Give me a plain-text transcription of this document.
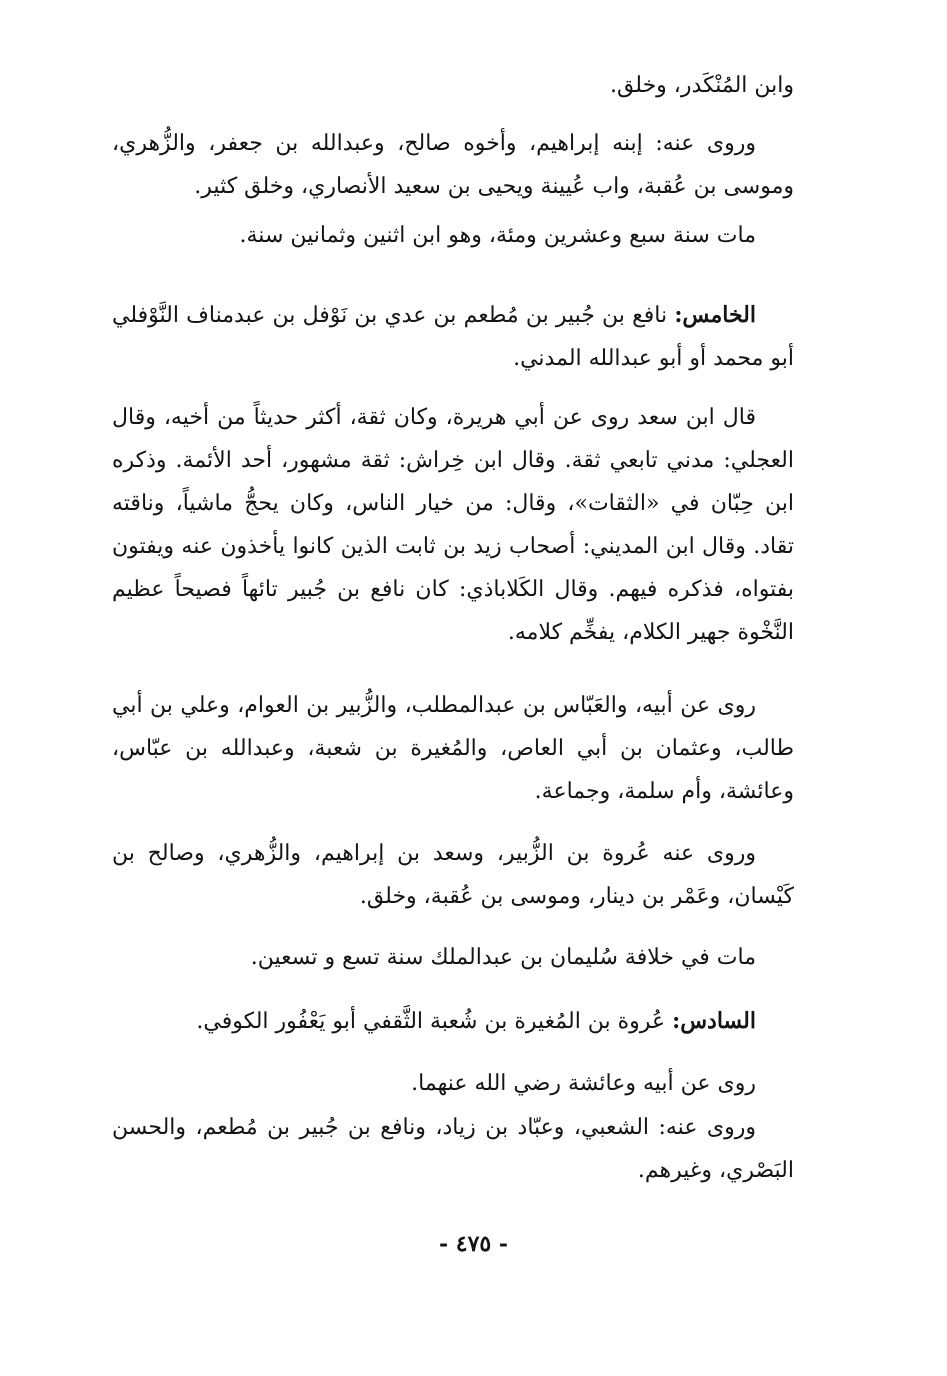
وابن المُنْكَدر، وخلق.

وروى عنه: إبنه إبراهيم، وأخوه صالح، وعبدالله بن جعفر، والزُّهري، وموسى بن عُقبة، واب عُيينة ويحيى بن سعيد الأنصاري، وخلق كثير.

مات سنة سبع وعشرين ومئة، وهو ابن اثنين وثمانين سنة.

الخامس: نافع بن جُبير بن مُطعم بن عدي بن نَوْفل بن عبدمناف النَّوْفلي أبو محمد أو أبو عبدالله المدني.

قال ابن سعد روى عن أبي هريرة، وكان ثقة، أكثر حديثاً من أخيه، وقال العجلي: مدني تابعي ثقة. وقال ابن خِراش: ثقة مشهور، أحد الأئمة. وذكره ابن حِبّان في «الثقات»، وقال: من خيار الناس، وكان يحجُّ ماشياً، وناقته تقاد. وقال ابن المديني: أصحاب زيد بن ثابت الذين كانوا يأخذون عنه ويفتون بفتواه، فذكره فيهم. وقال الكَلاباذي: كان نافع بن جُبير تائهاً فصيحاً عظيم النَّخْوة جهير الكلام، يفخِّم كلامه.

روى عن أبيه، والعَبّاس بن عبدالمطلب، والزُّبير بن العوام، وعلي بن أبي طالب، وعثمان بن أبي العاص، والمُغيرة بن شعبة، وعبدالله بن عبّاس، وعائشة، وأم سلمة، وجماعة.

وروى عنه عُروة بن الزُّبير، وسعد بن إبراهيم، والزُّهري، وصالح بن كَيْسان، وعَمْر بن دينار، وموسى بن عُقبة، وخلق.

مات في خلافة سُليمان بن عبدالملك سنة تسع و تسعين.

السادس: عُروة بن المُغيرة بن شُعبة الثَّقفي أبو يَعْفُور الكوفي.

روى عن أبيه وعائشة رضي الله عنهما.

وروى عنه: الشعبي، وعبّاد بن زياد، ونافع بن جُبير بن مُطعم، والحسن البَصْري، وغيرهم.

- ٤٧٥ -
